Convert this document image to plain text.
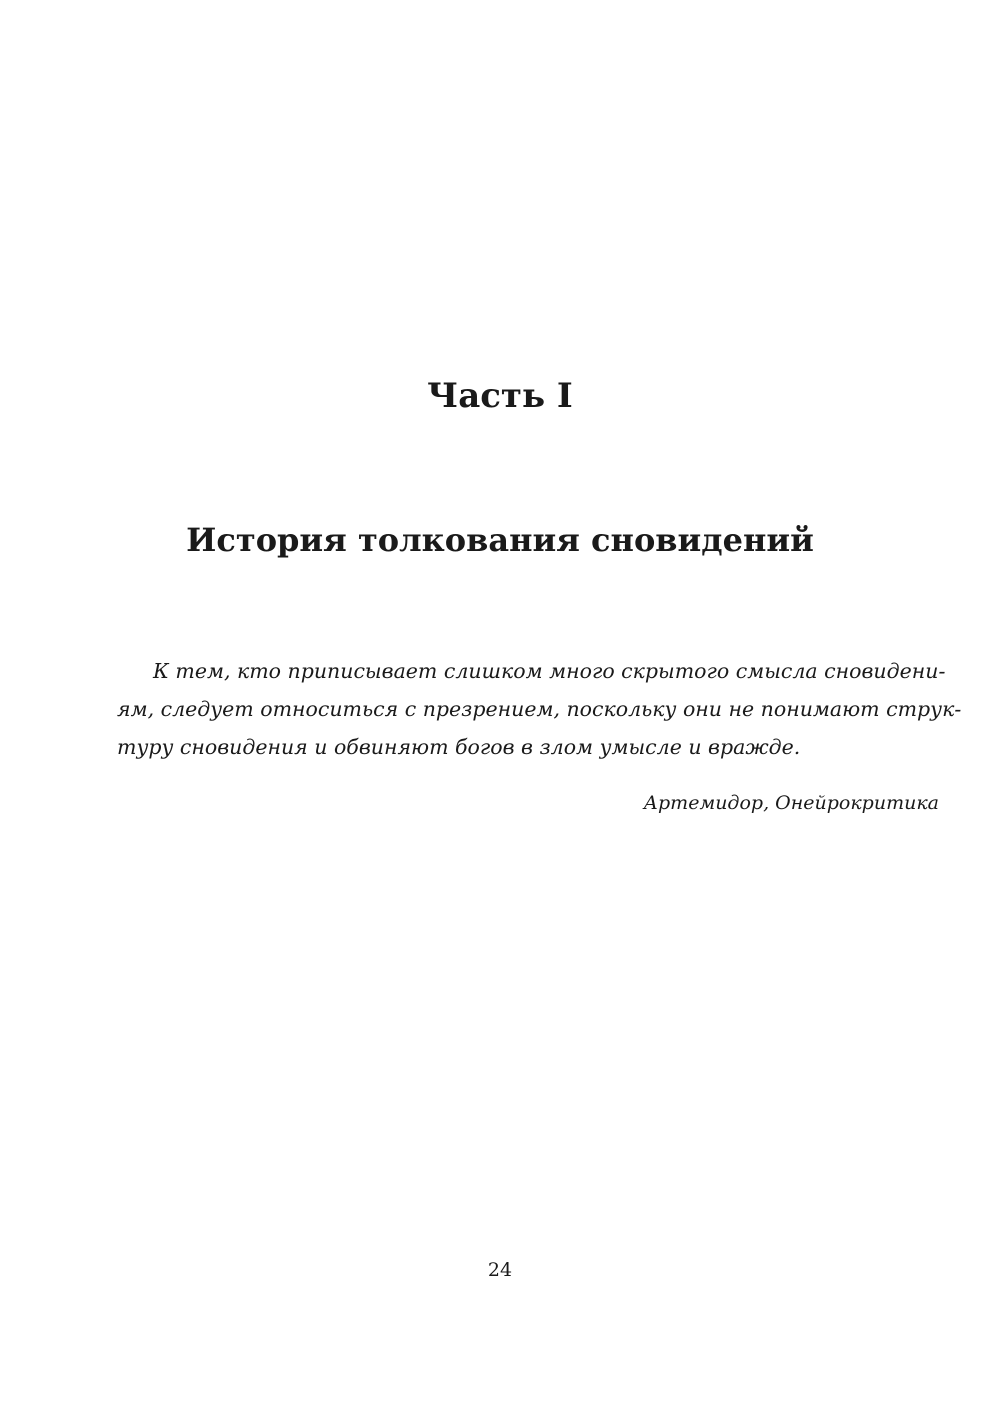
Часть I
История толкования сновидений
К тем, кто приписывает слишком много скрытого смысла сновидени-
ям, следует относиться с презрением, поскольку они не понимают струк-
туру сновидения и обвиняют богов в злом умысле и вражде.

Артемидор, Онейрокритика

24
